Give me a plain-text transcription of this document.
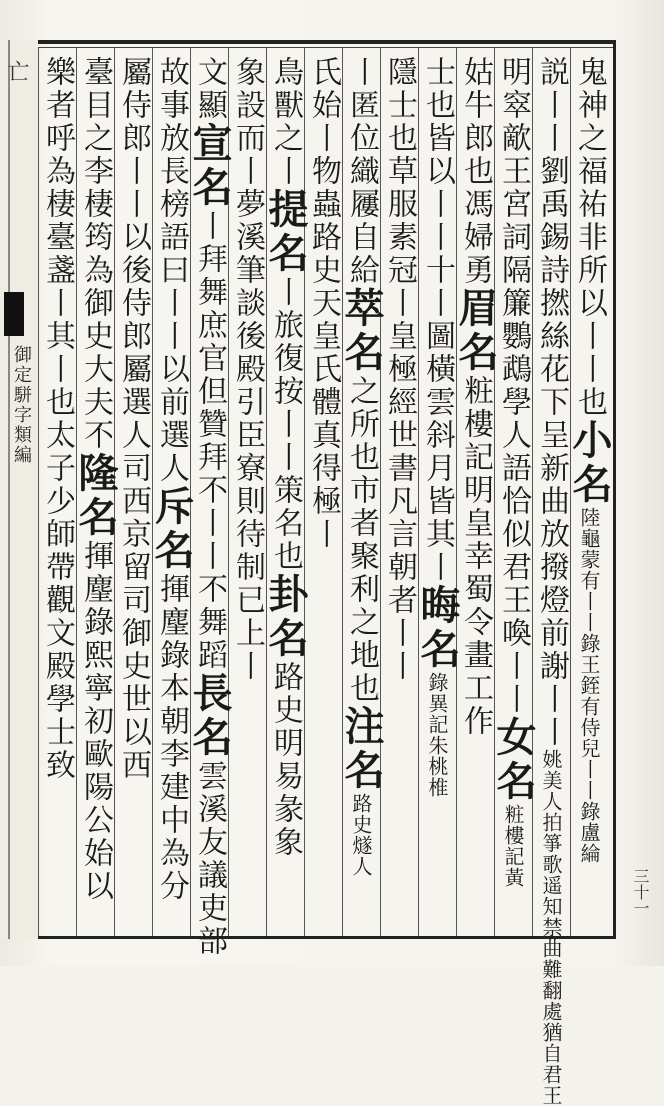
亡
御定駢字類編
鬼神之福祐非所以丨丨也小名陸龜蒙有丨丨錄王銍有侍兒丨丨錄盧綸
説丨丨劉禹錫詩撚絲花下呈新曲放撥燈前謝丨丨姚美人拍箏歌遥知禁曲難翻處猶自君王
明窣歒王宮詞隔簾鸚鵡學人語恰似君王喚丨丨女名粧樓記黃
姑牛郎也馮婦勇眉名粧樓記明皇幸蜀令畫工作
士也皆以丨丨十丨圖橫雲斜月皆其丨晦名錄異記朱桃椎
隱士也草服素冠丨皇極經世書凡言朝者丨丨
丨匿位織屨自給萃名之所也市者聚利之地也注名路史燧人
氏始丨物蟲路史天皇氏體真得極丨
鳥獸之丨提名丨旅復按丨丨策名也卦名路史明易彖象
象設而丨夢溪筆談後殿引臣寮則待制已上丨
文顯宣名丨拜舞庶官但贊拜不丨丨不舞蹈長名雲溪友議吏部
故事放長榜語曰丨丨以前選人斥名揮麈錄本朝李建中為分
屬侍郎丨丨以後侍郎屬選人司西京留司御史世以西
臺目之李棲筠為御史大夫不隆名揮麈錄熙寧初歐陽公始以
樂者呼為棲臺盞丨其丨也太子少師帶觀文殿學士致
三十一
